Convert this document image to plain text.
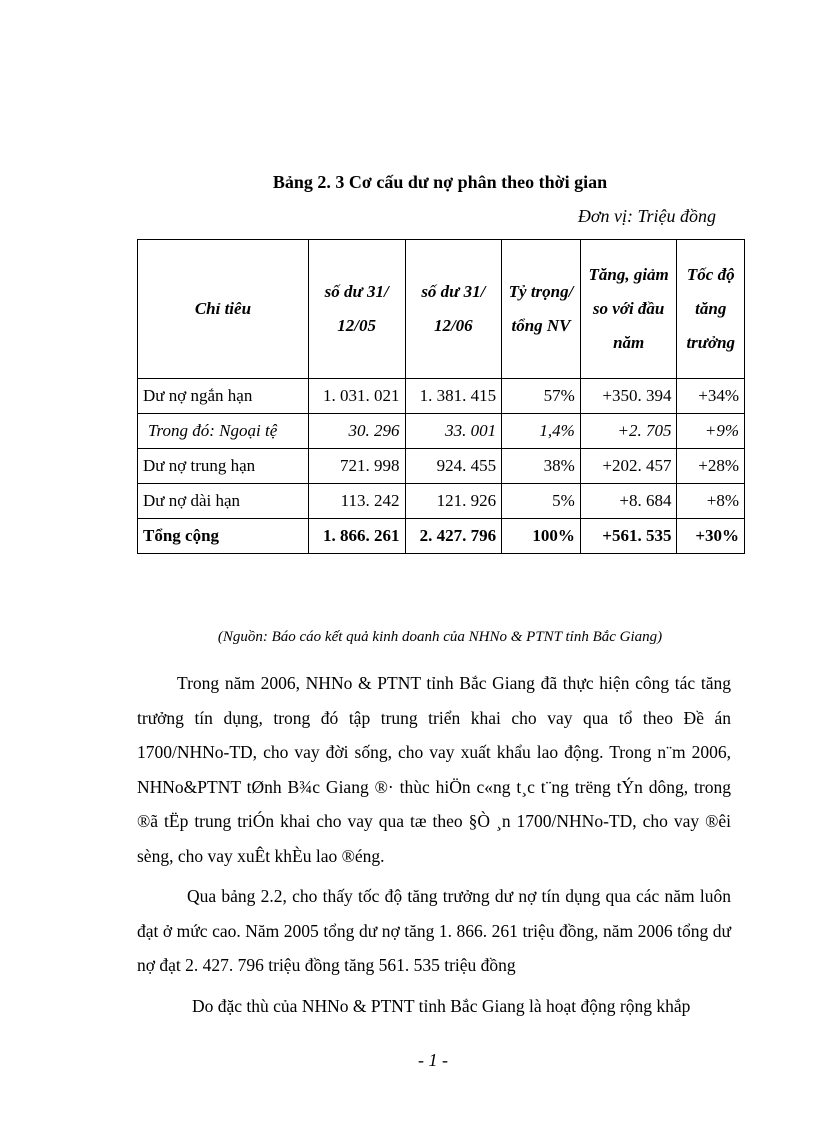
Bảng 2. 3 Cơ cấu dư nợ phân theo thời gian
Đơn vị: Triệu đồng
Chỉ tiêu	số dư 31/ 12/05	số dư 31/ 12/06	Tỷ trọng/ tổng NV	Tăng, giảm so với đầu năm	Tốc độ tăng trưởng
Dư nợ ngắn hạn	1. 031. 021	1. 381. 415	57%	+350. 394	+34%
Trong đó: Ngoại tệ	30. 296	33. 001	1,4%	+2. 705	+9%
Dư nợ trung hạn	721. 998	924. 455	38%	+202. 457	+28%
Dư nợ dài hạn	113. 242	121. 926	5%	+8. 684	+8%
Tổng cộng	1. 866. 261	2. 427. 796	100%	+561. 535	+30%
(Nguồn: Báo cáo kết quả kinh doanh của NHNo & PTNT tỉnh Bắc Giang)

Trong năm 2006, NHNo & PTNT tỉnh Bắc Giang đã thực hiện công tác tăng trưởng tín dụng, trong đó tập trung triển khai cho vay qua tổ theo Đề án 1700/NHNo-TD, cho vay đời sống, cho vay xuất khẩu lao động. Trong n¨m 2006, NHNo&PTNT tØnh B¾c Giang ®· thùc hiÖn c«ng t¸c t¨ng trëng tÝn dông, trong ®ã tËp trung triÓn khai cho vay qua tæ theo §Ò ¸n 1700/NHNo-TD, cho vay ®êi sèng, cho vay xuÊt khÈu lao ®éng.

Qua bảng 2.2, cho thấy tốc độ tăng trưởng dư nợ tín dụng qua các năm luôn đạt ở mức cao. Năm 2005 tổng dư nợ tăng 1. 866. 261 triệu đồng, năm 2006 tổng dư nợ đạt 2. 427. 796 triệu đồng tăng 561. 535 triệu đồng

Do đặc thù của NHNo & PTNT tỉnh Bắc Giang là hoạt động rộng khắp

- 1 -
